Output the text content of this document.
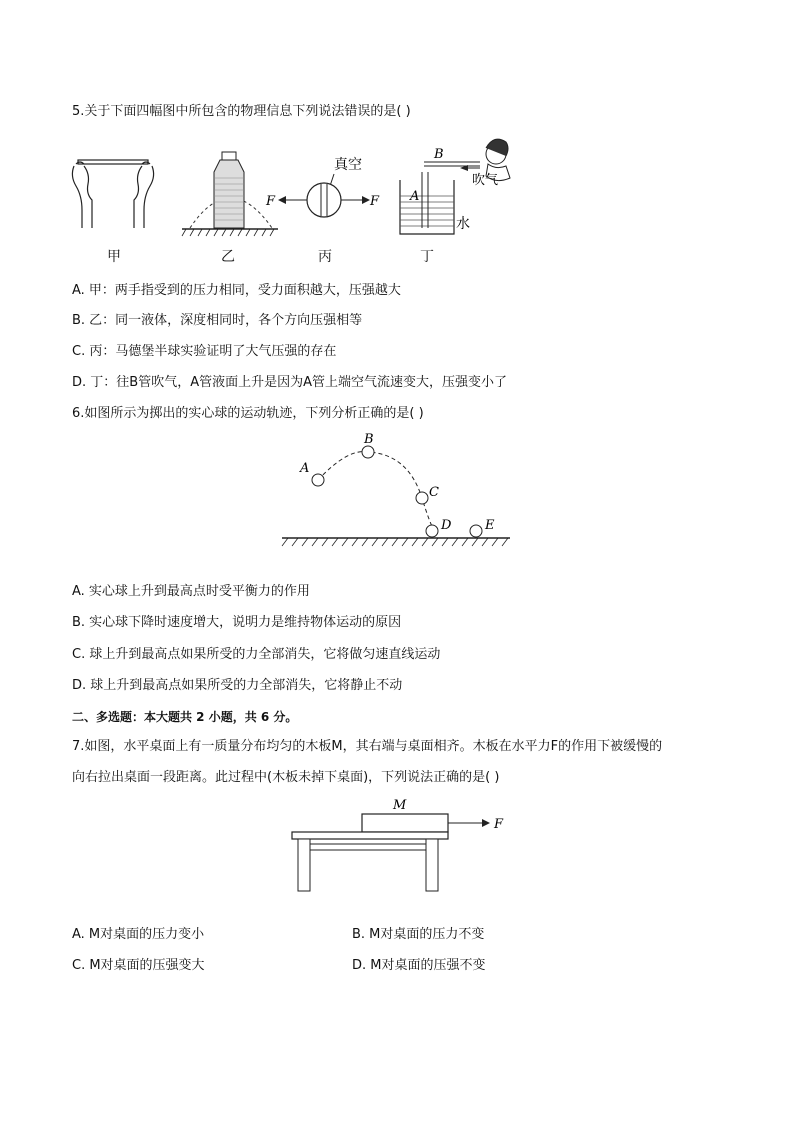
5.关于下面四幅图中所包含的物理信息下列说法错误的是( )
甲	乙
真空
F	F
丙
吹气
B
A
水
丁
A. 甲：两手指受到的压力相同，受力面积越大，压强越大
B. 乙：同一液体，深度相同时，各个方向压强相等
C. 丙：马德堡半球实验证明了大气压强的存在
D. 丁：往B管吹气，A管液面上升是因为A管上端空气流速变大，压强变小了
6.如图所示为掷出的实心球的运动轨迹，下列分析正确的是( )
A
B
C
D	E
A. 实心球上升到最高点时受平衡力的作用
B. 实心球下降时速度增大，说明力是维持物体运动的原因
C. 球上升到最高点如果所受的力全部消失，它将做匀速直线运动
D. 球上升到最高点如果所受的力全部消失，它将静止不动
二、多选题：本大题共 2 小题，共 6 分。
7.如图，水平桌面上有一质量分布均匀的木板M，其右端与桌面相齐。木板在水平力F的作用下被缓慢的
向右拉出桌面一段距离。此过程中(木板未掉下桌面)，下列说法正确的是( )
M
F
A. M对桌面的压力变小	B. M对桌面的压力不变
C. M对桌面的压强变大	D. M对桌面的压强不变
